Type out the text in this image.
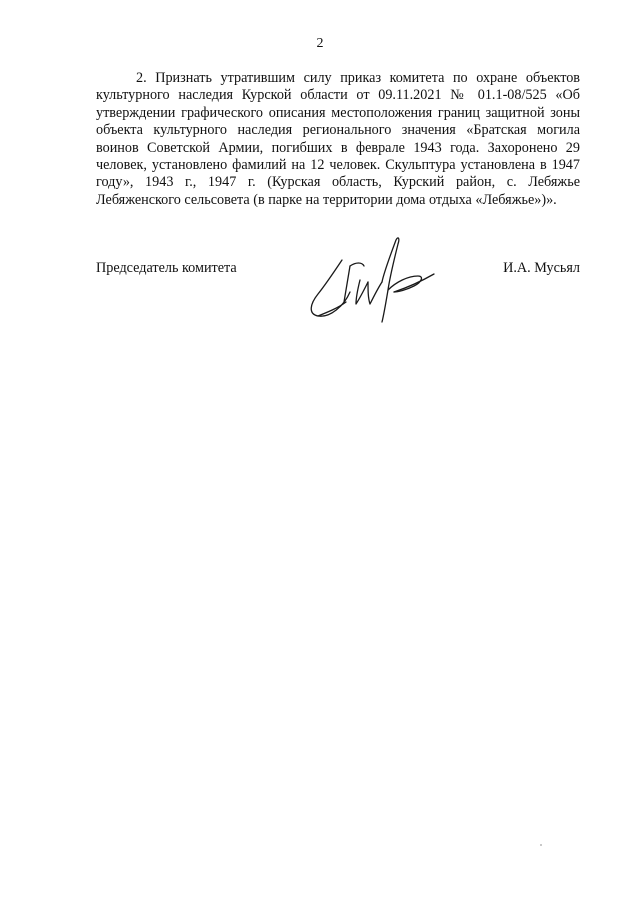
2

2. Признать утратившим силу приказ комитета по охране объектов культурного наследия Курской области от 09.11.2021 № 01.1-08/525 «Об утверждении графического описания местоположения границ защитной зоны объекта культурного наследия регионального значения «Братская могила воинов Советской Армии, погибших в феврале 1943 года. Захоронено 29 человек, установлено фамилий на 12 человек. Скульптура установлена в 1947 году», 1943 г., 1947 г. (Курская область, Курский район, с. Лебяжье Лебяженского сельсовета (в парке на территории дома отдыха «Лебяжье»)».

Председатель комитета	И.А. Мусьял
